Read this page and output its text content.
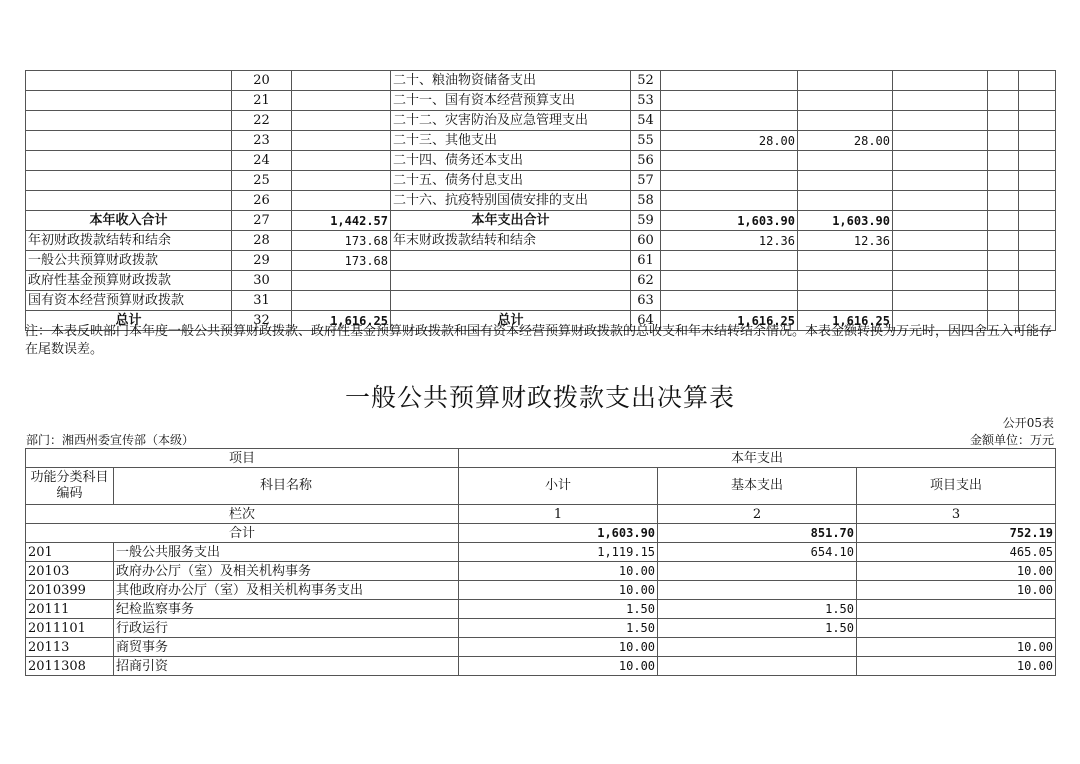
	20		二十、粮油物资储备支出	52					
	21		二十一、国有资本经营预算支出	53					
	22		二十二、灾害防治及应急管理支出	54					
	23		二十三、其他支出	55	28.00	28.00			
	24		二十四、债务还本支出	56					
	25		二十五、债务付息支出	57					
	26		二十六、抗疫特别国债安排的支出	58					
本年收入合计	27	1,442.57	本年支出合计	59	1,603.90	1,603.90			
年初财政拨款结转和结余	28	173.68	年末财政拨款结转和结余	60	12.36	12.36			
一般公共预算财政拨款	29	173.68		61					
政府性基金预算财政拨款	30			62					
国有资本经营预算财政拨款	31			63					
总计	32	1,616.25	总计	64	1,616.25	1,616.25			
注：本表反映部门本年度一般公共预算财政拨款、政府性基金预算财政拨款和国有资本经营预算财政拨款的总收支和年末结转结余情况。本表金额转换为万元时，因四舍五入可能存在尾数误差。
一般公共预算财政拨款支出决算表
公开05表
部门：湘西州委宣传部（本级）	金额单位：万元
项目		本年支出		
功能分类科目编码	科目名称	小计	基本支出	项目支出
栏次		1	2	3
合计		1,603.90	851.70	752.19
201	一般公共服务支出	1,119.15	654.10	465.05
20103	政府办公厅（室）及相关机构事务	10.00		10.00
2010399	其他政府办公厅（室）及相关机构事务支出	10.00		10.00
20111	纪检监察事务	1.50	1.50	
2011101	行政运行	1.50	1.50	
20113	商贸事务	10.00		10.00
2011308	招商引资	10.00		10.00
